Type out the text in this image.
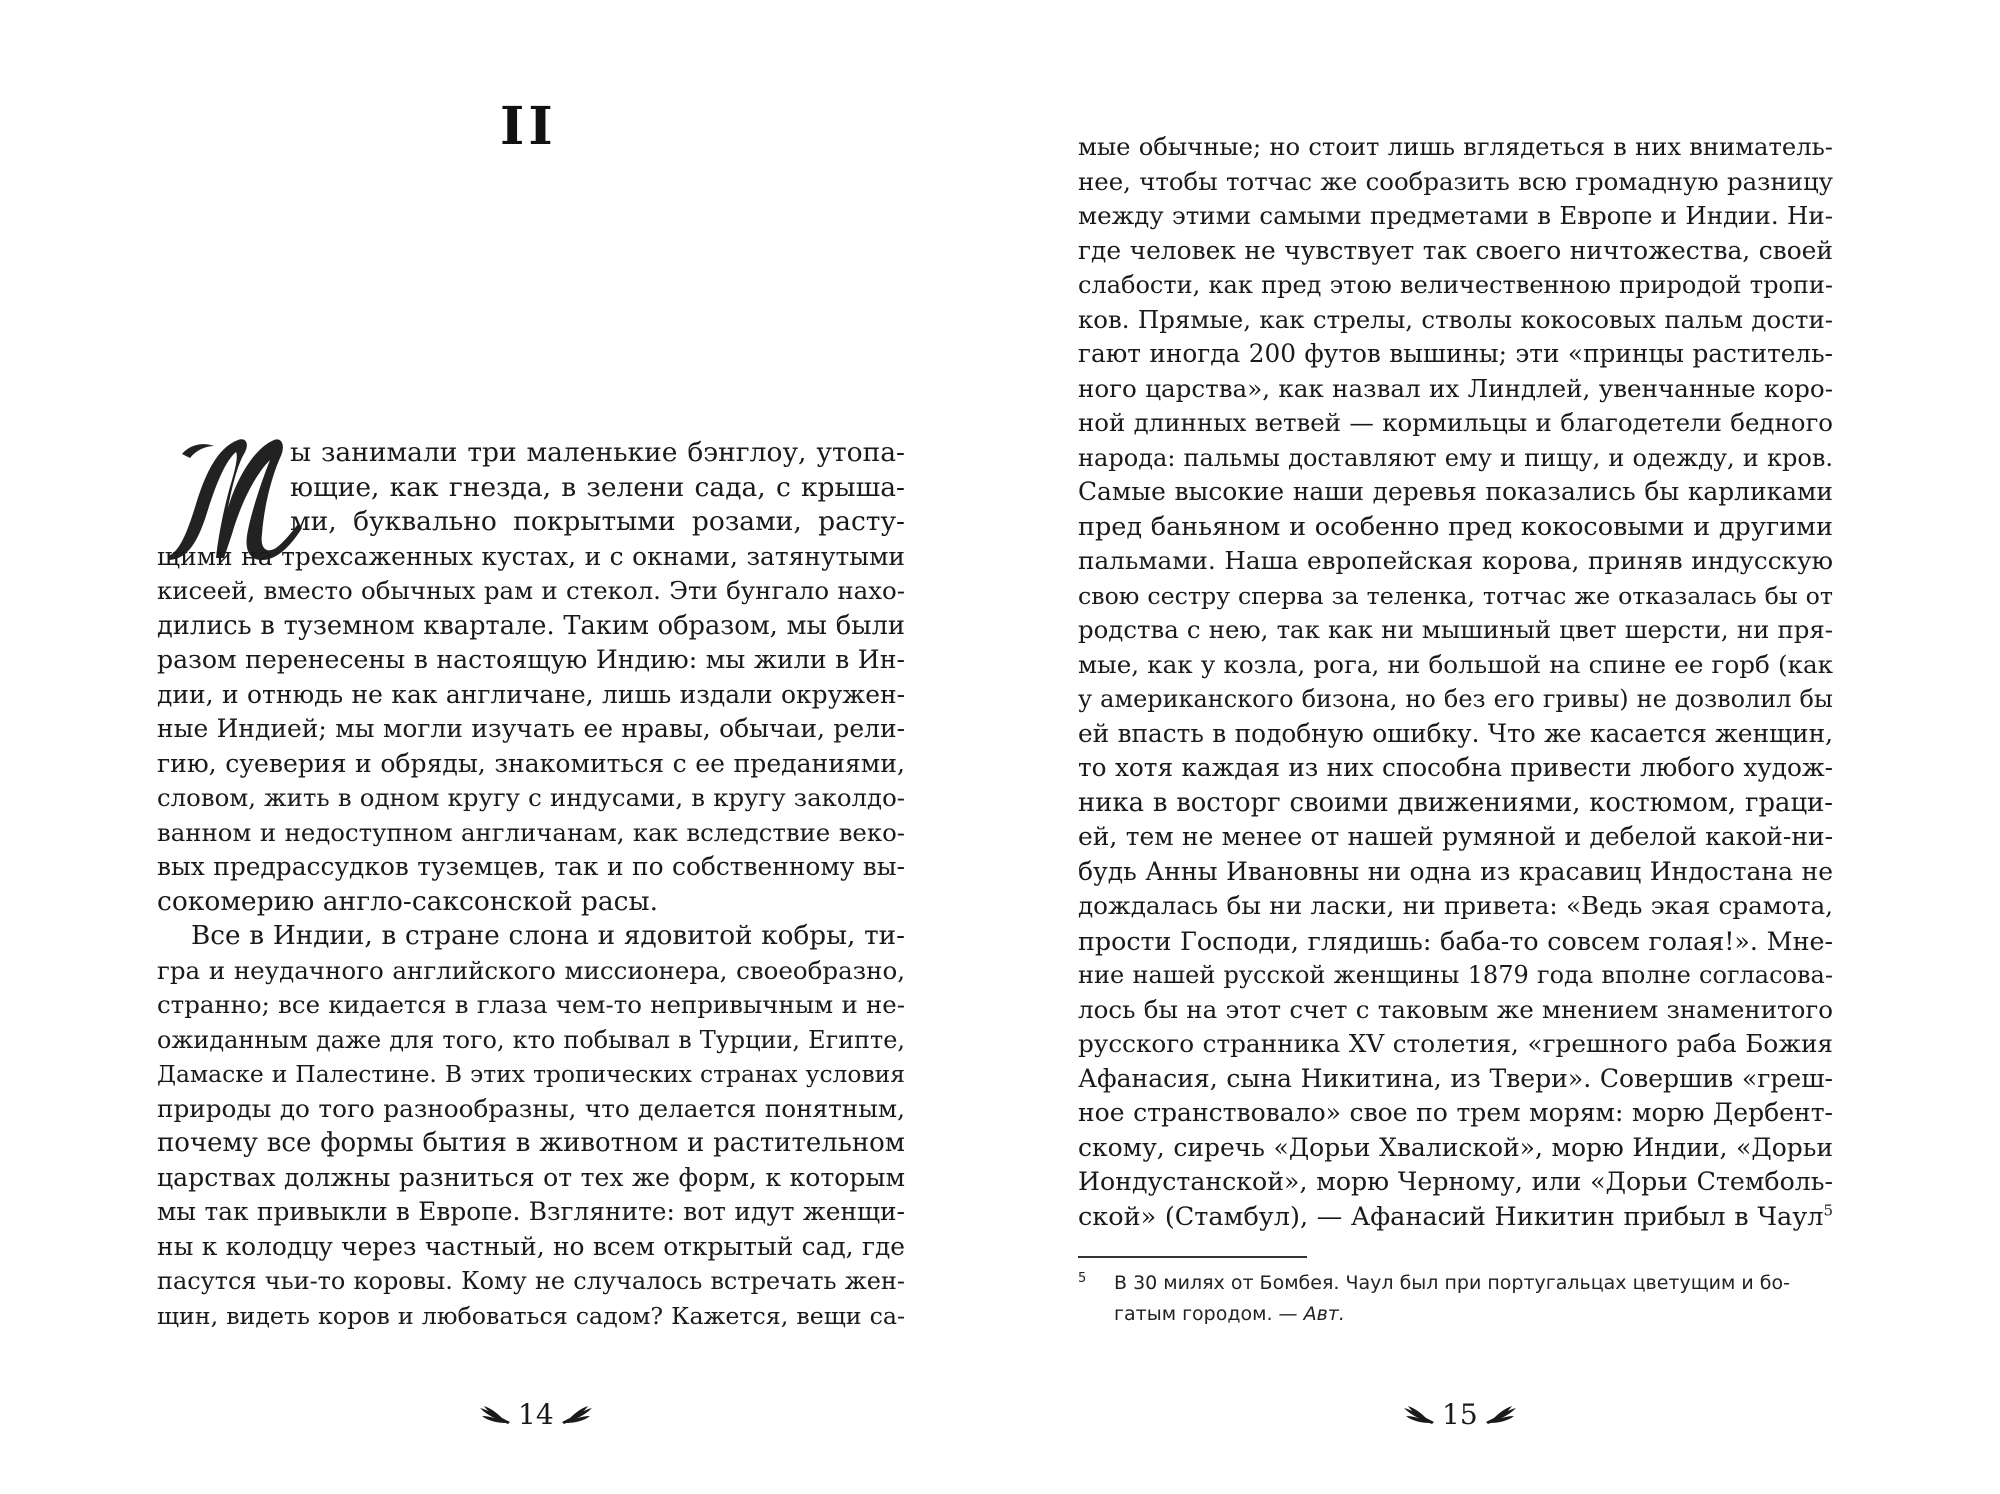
II
ы занимали три маленькие бэнглоу, утопа-
ющие, как гнезда, в зелени сада, с крыша-
ми, буквально покрытыми розами, расту-
щими на трехсаженных кустах, и с окнами, затянутыми
кисеей, вместо обычных рам и стекол. Эти бунгало нахо-
дились в туземном квартале. Таким образом, мы были
разом перенесены в настоящую Индию: мы жили в Ин-
дии, и отнюдь не как англичане, лишь издали окружен-
ные Индией; мы могли изучать ее нравы, обычаи, рели-
гию, суеверия и обряды, знакомиться с ее преданиями,
словом, жить в одном кругу с индусами, в кругу заколдо-
ванном и недоступном англичанам, как вследствие веко-
вых предрассудков туземцев, так и по собственному вы-
сокомерию англо-саксонской расы.
Все в Индии, в стране слона и ядовитой кобры, ти-
гра и неудачного английского миссионера, своеобразно,
странно; все кидается в глаза чем-то непривычным и не-
ожиданным даже для того, кто побывал в Турции, Египте,
Дамаске и Палестине. В этих тропических странах условия
природы до того разнообразны, что делается понятным,
почему все формы бытия в животном и растительном
царствах должны разниться от тех же форм, к которым
мы так привыкли в Европе. Взгляните: вот идут женщи-
ны к колодцу через частный, но всем открытый сад, где
пасутся чьи-то коровы. Кому не случалось встречать жен-
щин, видеть коров и любоваться садом? Кажется, вещи са-
14
мые обычные; но стоит лишь вглядеться в них вниматель-
нее, чтобы тотчас же сообразить всю громадную разницу
между этими самыми предметами в Европе и Индии. Ни-
где человек не чувствует так своего ничтожества, своей
слабости, как пред этою величественною природой тропи-
ков. Прямые, как стрелы, стволы кокосовых пальм дости-
гают иногда 200 футов вышины; эти «принцы раститель-
ного царства», как назвал их Линдлей, увенчанные коро-
ной длинных ветвей — кормильцы и благодетели бедного
народа: пальмы доставляют ему и пищу, и одежду, и кров.
Самые высокие наши деревья показались бы карликами
пред баньяном и особенно пред кокосовыми и другими
пальмами. Наша европейская корова, приняв индусскую
свою сестру сперва за теленка, тотчас же отказалась бы от
родства с нею, так как ни мышиный цвет шерсти, ни пря-
мые, как у козла, рога, ни большой на спине ее горб (как
у американского бизона, но без его гривы) не дозволил бы
ей впасть в подобную ошибку. Что же касается женщин,
то хотя каждая из них способна привести любого худож-
ника в восторг своими движениями, костюмом, граци-
ей, тем не менее от нашей румяной и дебелой какой-ни-
будь Анны Ивановны ни одна из красавиц Индостана не
дождалась бы ни ласки, ни привета: «Ведь экая срамота,
прости Господи, глядишь: баба-то совсем голая!». Мне-
ние нашей русской женщины 1879 года вполне согласова-
лось бы на этот счет с таковым же мнением знаменитого
русского странника XV столетия, «грешного раба Божия
Афанасия, сына Никитина, из Твери». Совершив «греш-
ное странствовало» свое по трем морям: морю Дербент-
скому, сиречь «Дорьи Хвалиской», морю Индии, «Дорьи
Иондустанской», морю Черному, или «Дорьи Стемболь-
ской» (Стамбул), — Афанасий Никитин прибыл в Чаул$^5$
5 В 30 милях от Бомбея. Чаул был при португальцах цветущим и бо-
гатым городом. — Авт.
15
